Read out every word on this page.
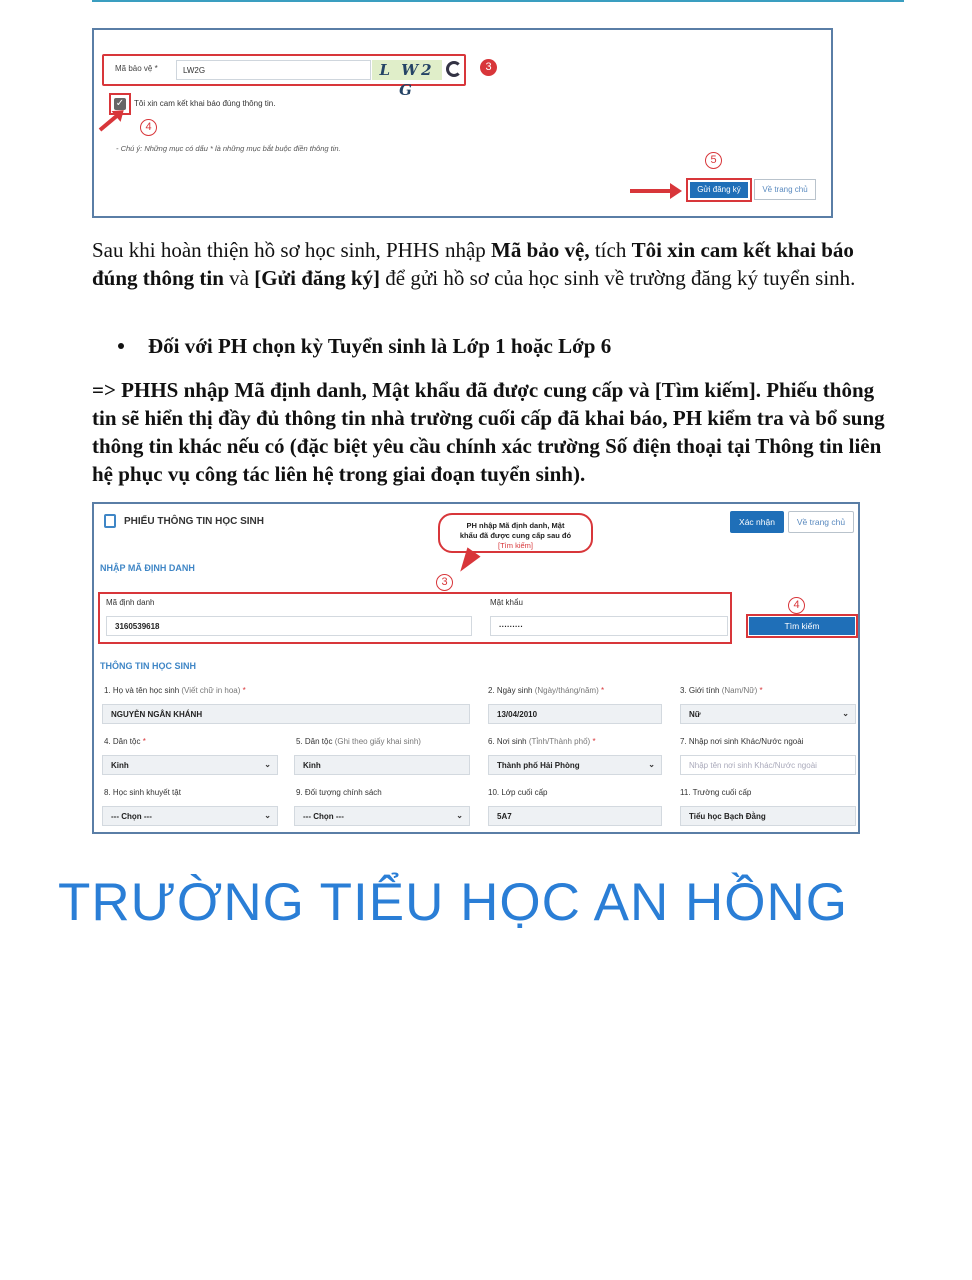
Mã bảo vệ *	LW2G	L W2 G
3
✓ Tôi xin cam kết khai báo đúng thông tin.
4
- Chú ý: Những mục có dấu * là những mục bắt buộc điền thông tin.
5
Gửi đăng ký	Về trang chủ
Sau khi hoàn thiện hồ sơ học sinh, PHHS nhập Mã bảo vệ, tích Tôi xin cam kết khai báo đúng thông tin và [Gửi đăng ký] để gửi hồ sơ của học sinh về trường đăng ký tuyển sinh.
Đối với PH chọn kỳ Tuyển sinh là Lớp 1 hoặc Lớp 6
=> PHHS nhập Mã định danh, Mật khẩu đã được cung cấp và [Tìm kiếm]. Phiếu thông tin sẽ hiển thị đầy đủ thông tin nhà trường cuối cấp đã khai báo, PH kiểm tra và bổ sung thông tin khác nếu có (đặc biệt yêu cầu chính xác trường Số điện thoại tại Thông tin liên hệ phục vụ công tác liên hệ trong giai đoạn tuyển sinh).
PHIẾU THÔNG TIN HỌC SINH	PH nhập Mã định danh, Mật
khẩu đã được cung cấp sau đó
[Tìm kiếm]
Xác nhận	Về trang chủ
NHẬP MÃ ĐỊNH DANH
3
Mã định danh
3160539618
Mật khẩu
·········
4
Tìm kiếm
THÔNG TIN HỌC SINH
1. Họ và tên học sinh (Viết chữ in hoa) *
NGUYỄN NGÂN KHÁNH
2. Ngày sinh (Ngày/tháng/năm) *
13/04/2010
3. Giới tính (Nam/Nữ) *
Nữ	⌄
4. Dân tộc *
Kinh	⌄
5. Dân tộc (Ghi theo giấy khai sinh)
Kinh
6. Nơi sinh (Tỉnh/Thành phố) *
Thành phố Hải Phòng	⌄
7. Nhập nơi sinh Khác/Nước ngoài
Nhập tên nơi sinh Khác/Nước ngoài
8. Học sinh khuyết tật
--- Chọn ---	⌄
9. Đối tượng chính sách
--- Chọn ---	⌄
10. Lớp cuối cấp
5A7
11. Trường cuối cấp
Tiểu học Bạch Đằng
TRƯỜNG TIỂU HỌC AN HỒNG
